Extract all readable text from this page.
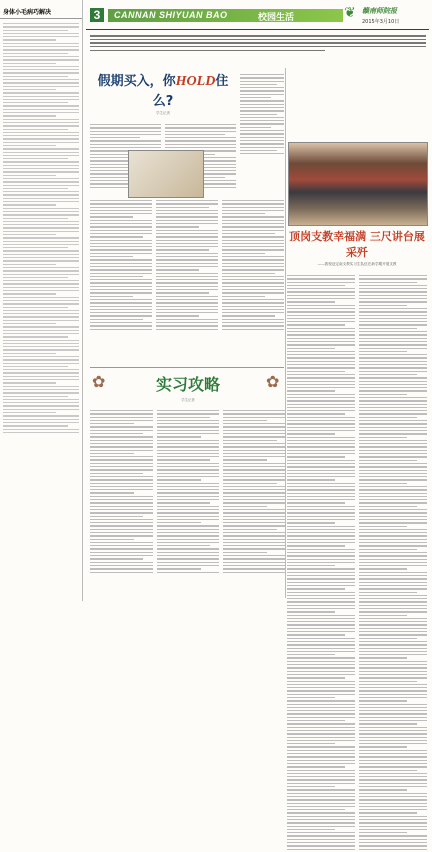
身体小毛病巧解决	3	CANNAN SHIYUAN BAO	校园生活	❦ 赣南师院报
2015年3月10日
假期买入，你HOLD住么?
学生记者
顶岗支教幸福满 三尺讲台展采歼
——我校赴定南支教实习生队伍在新学期开展支教
✿	✿
实习攻略
学生记者
